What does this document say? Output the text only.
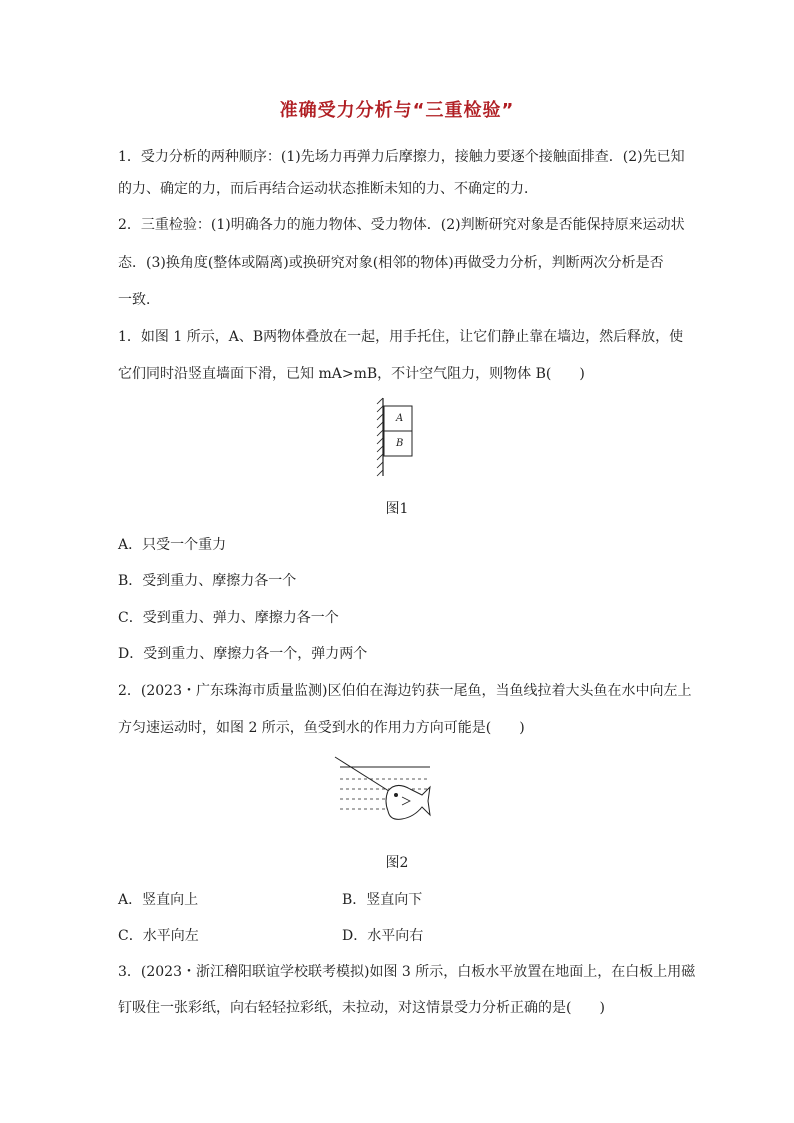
准确受力分析与“三重检验”
1．受力分析的两种顺序：(1)先场力再弹力后摩擦力，接触力要逐个接触面排查．(2)先已知
的力、确定的力，而后再结合运动状态推断未知的力、不确定的力．
2．三重检验：(1)明确各力的施力物体、受力物体．(2)判断研究对象是否能保持原来运动状
态．(3)换角度(整体或隔离)或换研究对象(相邻的物体)再做受力分析，判断两次分析是否
一致．
1．如图 1 所示，A、B两物体叠放在一起，用手托住，让它们静止靠在墙边，然后释放，使
它们同时沿竖直墙面下滑，已知 mA>mB，不计空气阻力，则物体 B(　　)
A
B
图1
A．只受一个重力
B．受到重力、摩擦力各一个
C．受到重力、弹力、摩擦力各一个
D．受到重力、摩擦力各一个，弹力两个
2．(2023・广东珠海市质量监测)区伯伯在海边钓获一尾鱼，当鱼线拉着大头鱼在水中向左上
方匀速运动时，如图 2 所示，鱼受到水的作用力方向可能是(　　)
图2
A．竖直向上	B．竖直向下
C．水平向左	D．水平向右
3．(2023・浙江稽阳联谊学校联考模拟)如图 3 所示，白板水平放置在地面上，在白板上用磁
钉吸住一张彩纸，向右轻轻拉彩纸，未拉动，对这情景受力分析正确的是(　　)
